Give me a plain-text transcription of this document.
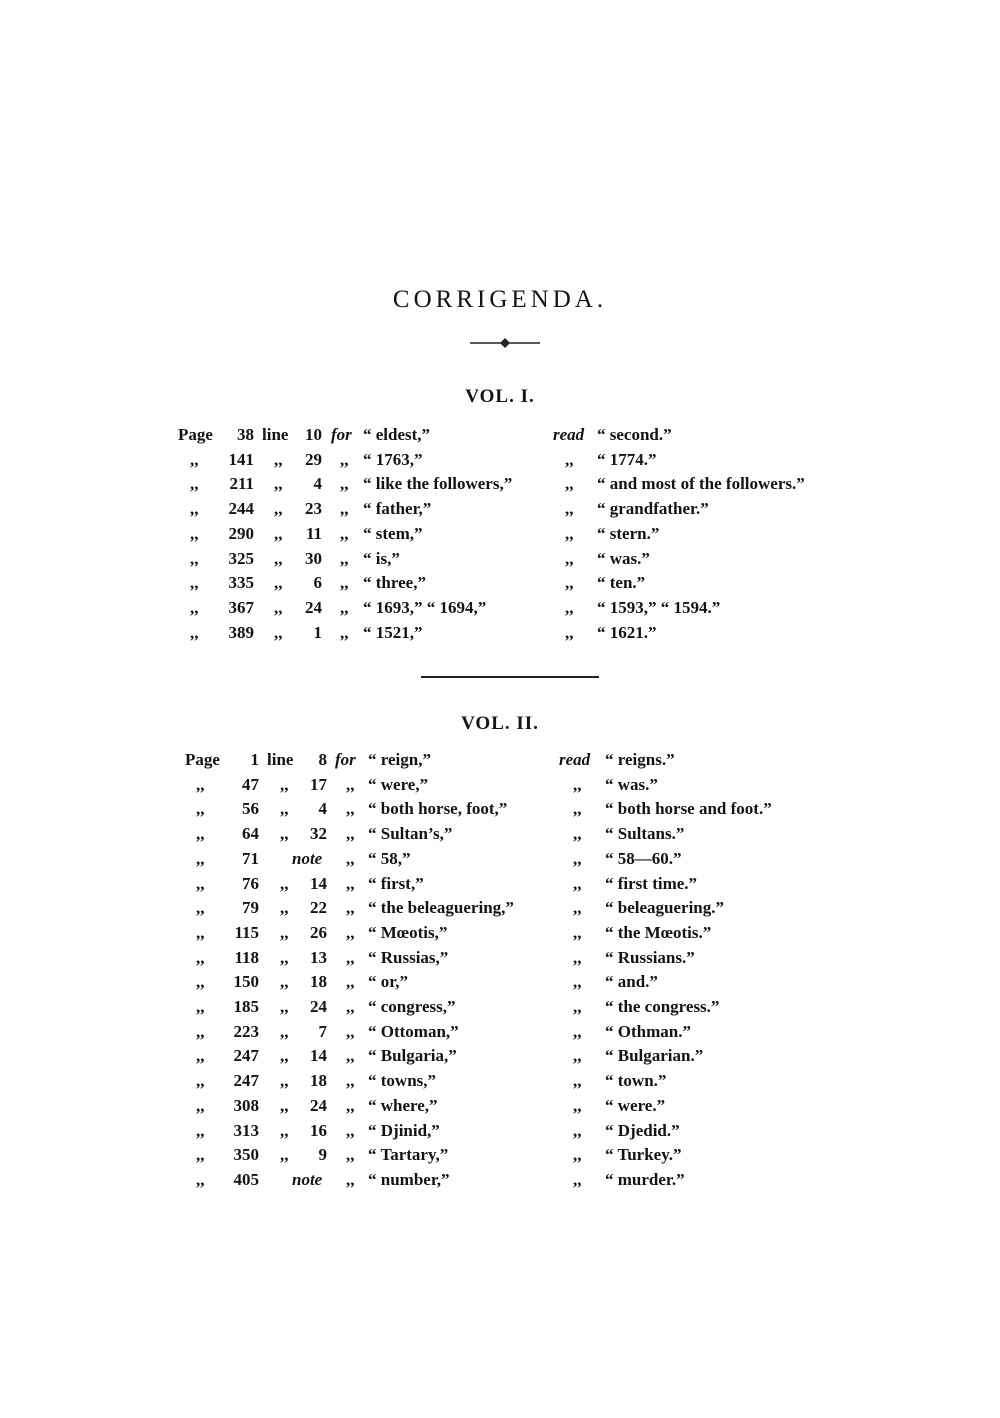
CORRIGENDA.
VOL. I.
Page	38 line 10 for “ eldest,”	read “ second.”
,,	141 ,,	29 ,, “ 1763,”	,, “ 1774.”
,,	211 ,,	4 ,, “ like the followers,”	,, “ and most of the followers.”
,,	244 ,,	23 ,, “ father,”	,, “ grandfather.”
,,	290 ,,	11 ,, “ stem,”	,, “ stern.”
,,	325 ,,	30 ,, “ is,”	,, “ was.”
,,	335 ,,	6 ,, “ three,”	,, “ ten.”
,,	367 ,,	24 ,, “ 1693,” “ 1694,”	,, “ 1593,” “ 1594.”
,,	389 ,,	1 ,, “ 1521,”	,, “ 1621.”
VOL. II.
Page	1 line	8 for “ reign,”	read “ reigns.”
,,	47 ,,	17 ,, “ were,”	,, “ was.”
,,	56 ,,	4 ,, “ both horse, foot,”	,, “ both horse and foot.”
,,	64 ,,	32 ,, “ Sultan’s,”	,, “ Sultans.”
,,	71 note ,, “ 58,”	,, “ 58—60.”
,,	76 ,,	14 ,, “ first,”	,, “ first time.”
,,	79 ,,	22 ,, “ the beleaguering,”	,, “ beleaguering.”
,,	115 ,,	26 ,, “ Mœotis,”	,, “ the Mœotis.”
,,	118 ,,	13 ,, “ Russias,”	,, “ Russians.”
,,	150 ,,	18 ,, “ or,”	,, “ and.”
,,	185 ,,	24 ,, “ congress,”	,, “ the congress.”
,,	223 ,,	7 ,, “ Ottoman,”	,, “ Othman.”
,,	247 ,,	14 ,, “ Bulgaria,”	,, “ Bulgarian.”
,,	247 ,,	18 ,, “ towns,”	,, “ town.”
,,	308 ,,	24 ,, “ where,”	,, “ were.”
,,	313 ,,	16 ,, “ Djinid,”	,, “ Djedid.”
,,	350 ,,	9 ,, “ Tartary,”	,, “ Turkey.”
,,	405 note ,, “ number,”	,, “ murder.”
